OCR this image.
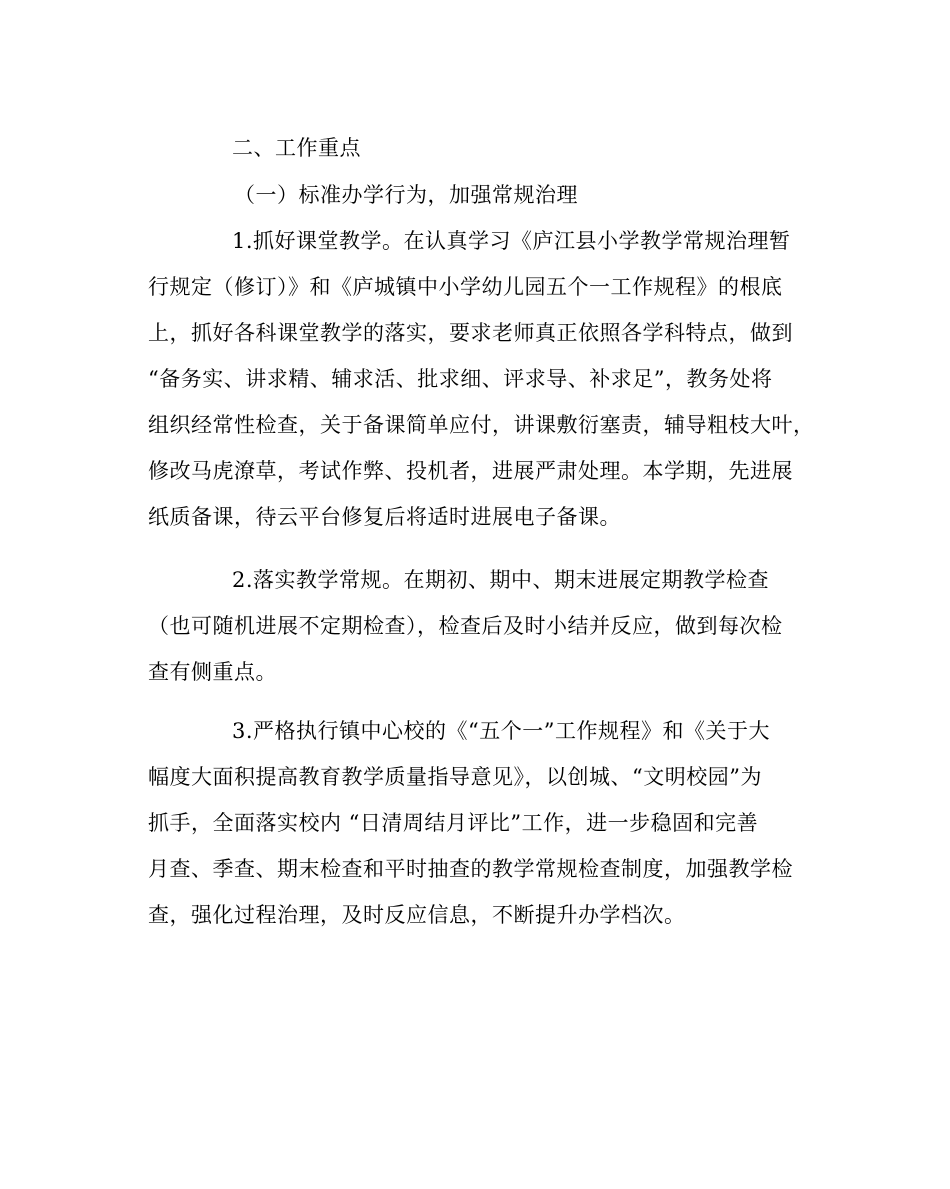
二、工作重点
（一）标准办学行为，加强常规治理
1.抓好课堂教学。在认真学习《庐江县小学教学常规治理暂
行规定（修订）》和《庐城镇中小学幼儿园五个一工作规程》的根底
上，抓好各科课堂教学的落实，要求老师真正依照各学科特点，做到
“备务实、讲求精、辅求活、批求细、评求导、补求足”，教务处将
组织经常性检查，关于备课简单应付，讲课敷衍塞责，辅导粗枝大叶，
修改马虎潦草，考试作弊、投机者，进展严肃处理。本学期，先进展
纸质备课，待云平台修复后将适时进展电子备课。
2.落实教学常规。在期初、期中、期末进展定期教学检查
（也可随机进展不定期检查），检查后及时小结并反应，做到每次检
查有侧重点。
3.严格执行镇中心校的《“五个一”工作规程》和《关于大
幅度大面积提高教育教学质量指导意见》，以创城、“文明校园”为
抓手，全面落实校内 “日清周结月评比”工作，进一步稳固和完善
月查、季查、期末检查和平时抽查的教学常规检查制度，加强教学检
查，强化过程治理，及时反应信息，不断提升办学档次。
